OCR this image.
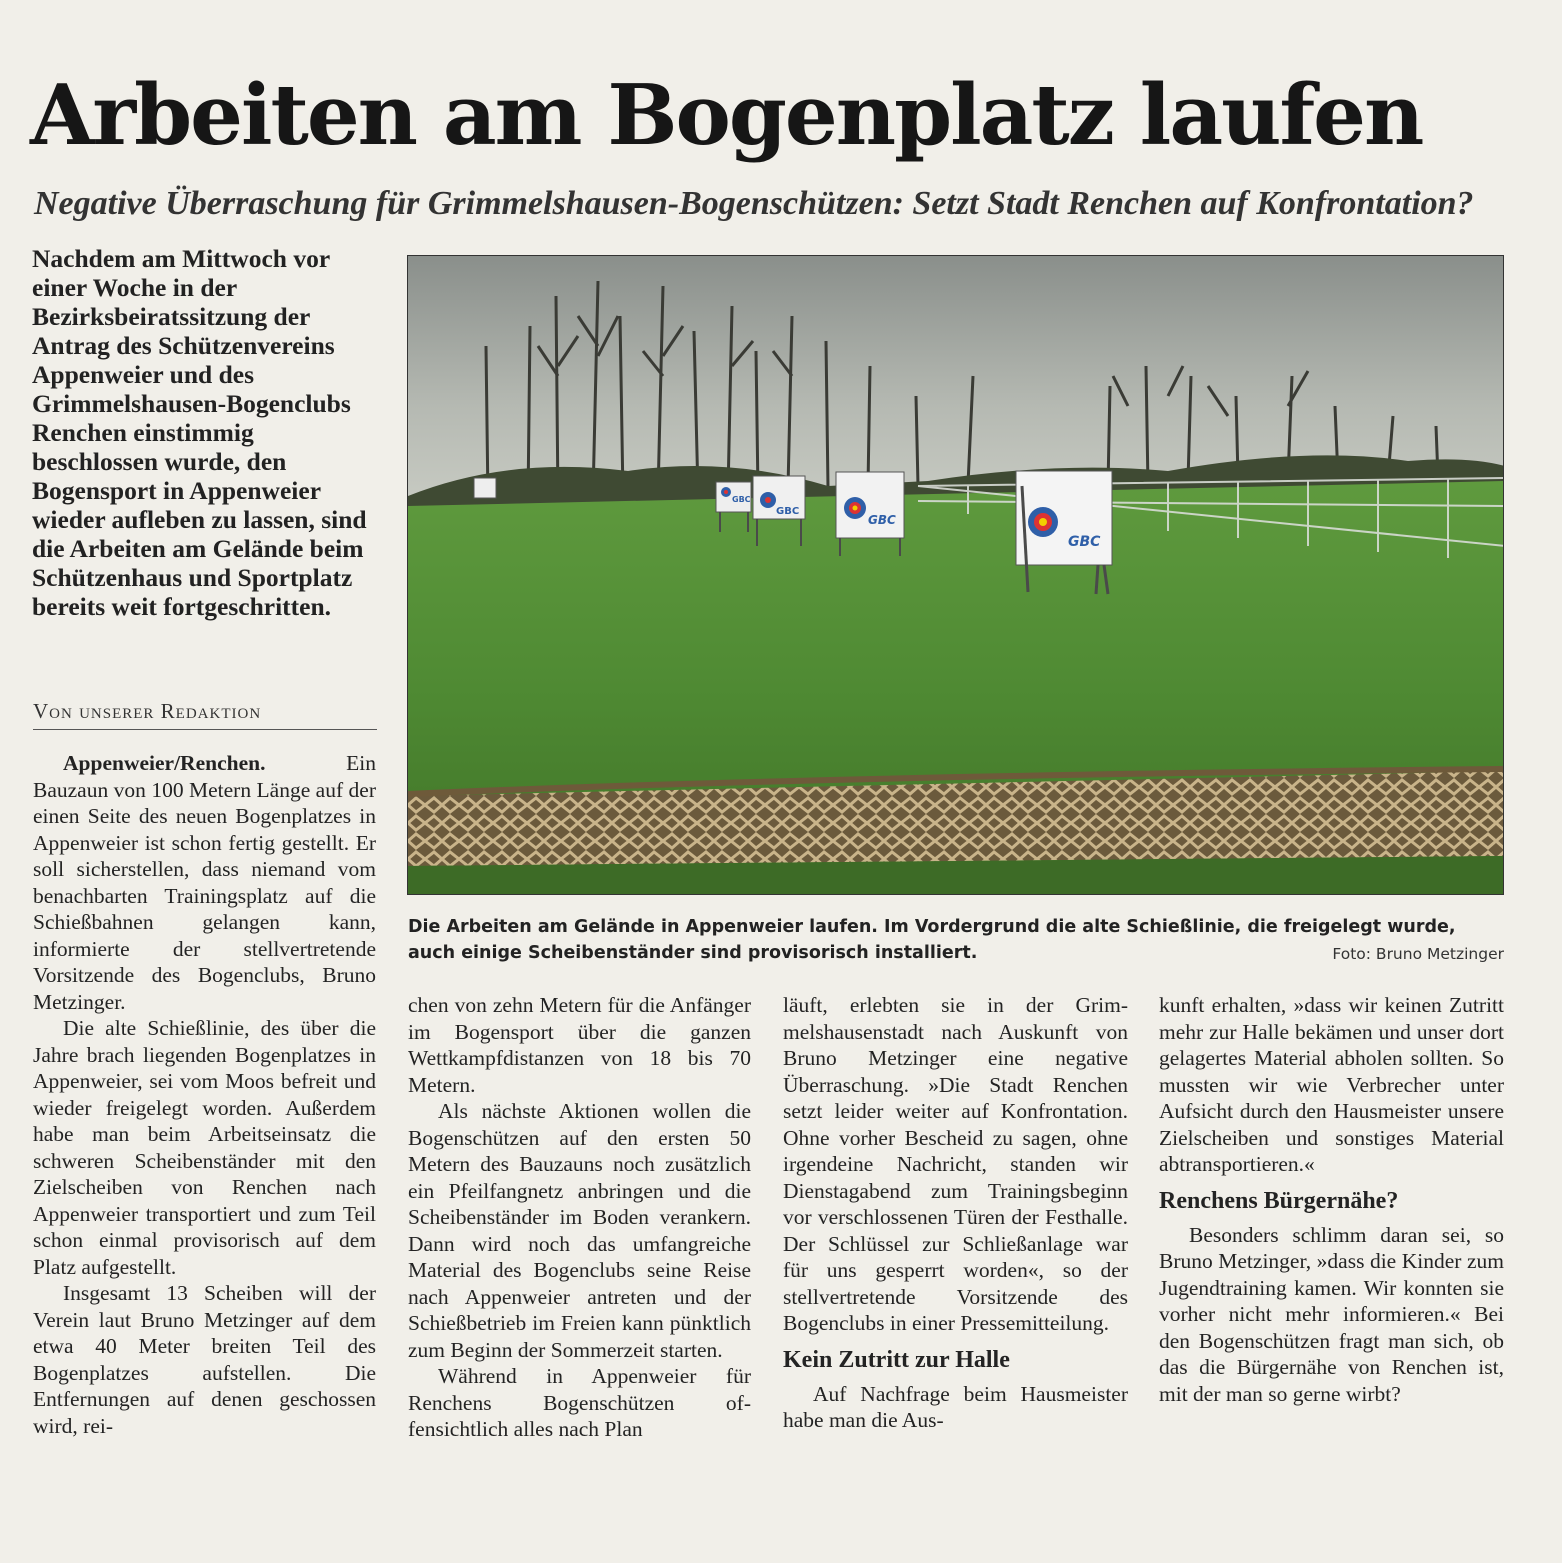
Arbeiten am Bogenplatz laufen
Negative Überraschung für Grimmelshausen-Bogenschützen: Setzt Stadt Renchen auf Konfrontation?

Nachdem am Mittwoch vor einer Woche in der Bezirksbeiratssitzung der Antrag des Schützenvereins Appenweier und des Grimmelshausen-Bogenclubs Renchen einstimmig beschlossen wurde, den Bogensport in Appenweier wieder aufleben zu lassen, sind die Arbeiten am Gelände beim Schützenhaus und Sportplatz bereits weit fortgeschritten.

Von unserer Redaktion

GBC
GBC
GBC
GBC

Die Arbeiten am Gelände in Appenweier laufen. Im Vordergrund die alte Schießlinie, die freigelegt wurde, auch einige Scheibenständer sind provisorisch installiert.	Foto: Bruno Metzinger

Appenweier/Renchen.	Ein Bauzaun von 100 Metern Länge auf der einen Seite des neuen Bogenplatzes in Appenweier ist schon fertig gestellt. Er soll sicherstellen, dass niemand vom benachbarten Trainingsplatz auf die Schießbahnen gelangen kann, informierte der stellvertretende Vorsitzende des Bogenclubs, Bruno Metzinger.

Die alte Schießlinie, des über die Jahre brach liegenden Bogenplatzes in Appenweier, sei vom Moos befreit und wieder freigelegt worden. Außerdem habe man beim Arbeitseinsatz die schweren Scheibenständer mit den Zielscheiben von Renchen nach Appenweier transportiert und zum Teil schon einmal provisorisch auf dem Platz aufgestellt.

Insgesamt 13 Scheiben will der Verein laut Bruno Metzinger auf dem etwa 40 Meter breiten Teil des Bogenplatzes aufstellen. Die Entfernungen auf denen geschossen wird, rei-

chen von zehn Metern für die Anfänger im Bogensport über die ganzen Wettkampfdistanzen von 18 bis 70 Metern.

Als nächste Aktionen wollen die Bogenschützen auf den ersten 50 Metern des Bauzauns noch zusätzlich ein Pfeilfangnetz anbringen und die Scheibenständer im Boden verankern. Dann wird noch das umfangreiche Material des Bogenclubs seine Reise nach Appenweier antreten und der Schießbetrieb im Freien kann pünktlich zum Beginn der Sommerzeit starten.

Während in Appenweier für Renchens Bogenschützen offensichtlich alles nach Plan

läuft, erlebten sie in der Grimmelshausenstadt nach Auskunft von Bruno Metzinger eine negative Überraschung. »Die Stadt Renchen setzt leider weiter auf Konfrontation. Ohne vorher Bescheid zu sagen, ohne irgendeine Nachricht, standen wir Dienstagabend zum Trainingsbeginn vor verschlossenen Türen der Festhalle. Der Schlüssel zur Schließanlage war für uns gesperrt worden«, so der stellvertretende Vorsitzende des Bogenclubs in einer Pressemitteilung.

Kein Zutritt zur Halle

Auf Nachfrage beim Hausmeister habe man die Aus-

kunft erhalten, »dass wir keinen Zutritt mehr zur Halle bekämen und unser dort gelagertes Material abholen sollten. So mussten wir wie Verbrecher unter Aufsicht durch den Hausmeister unsere Zielscheiben und sonstiges Material abtransportieren.«

Renchens Bürgernähe?

Besonders schlimm daran sei, so Bruno Metzinger, »dass die Kinder zum Jugendtraining kamen. Wir konnten sie vorher nicht mehr informieren.« Bei den Bogenschützen fragt man sich, ob das die Bürgernähe von Renchen ist, mit der man so gerne wirbt?
